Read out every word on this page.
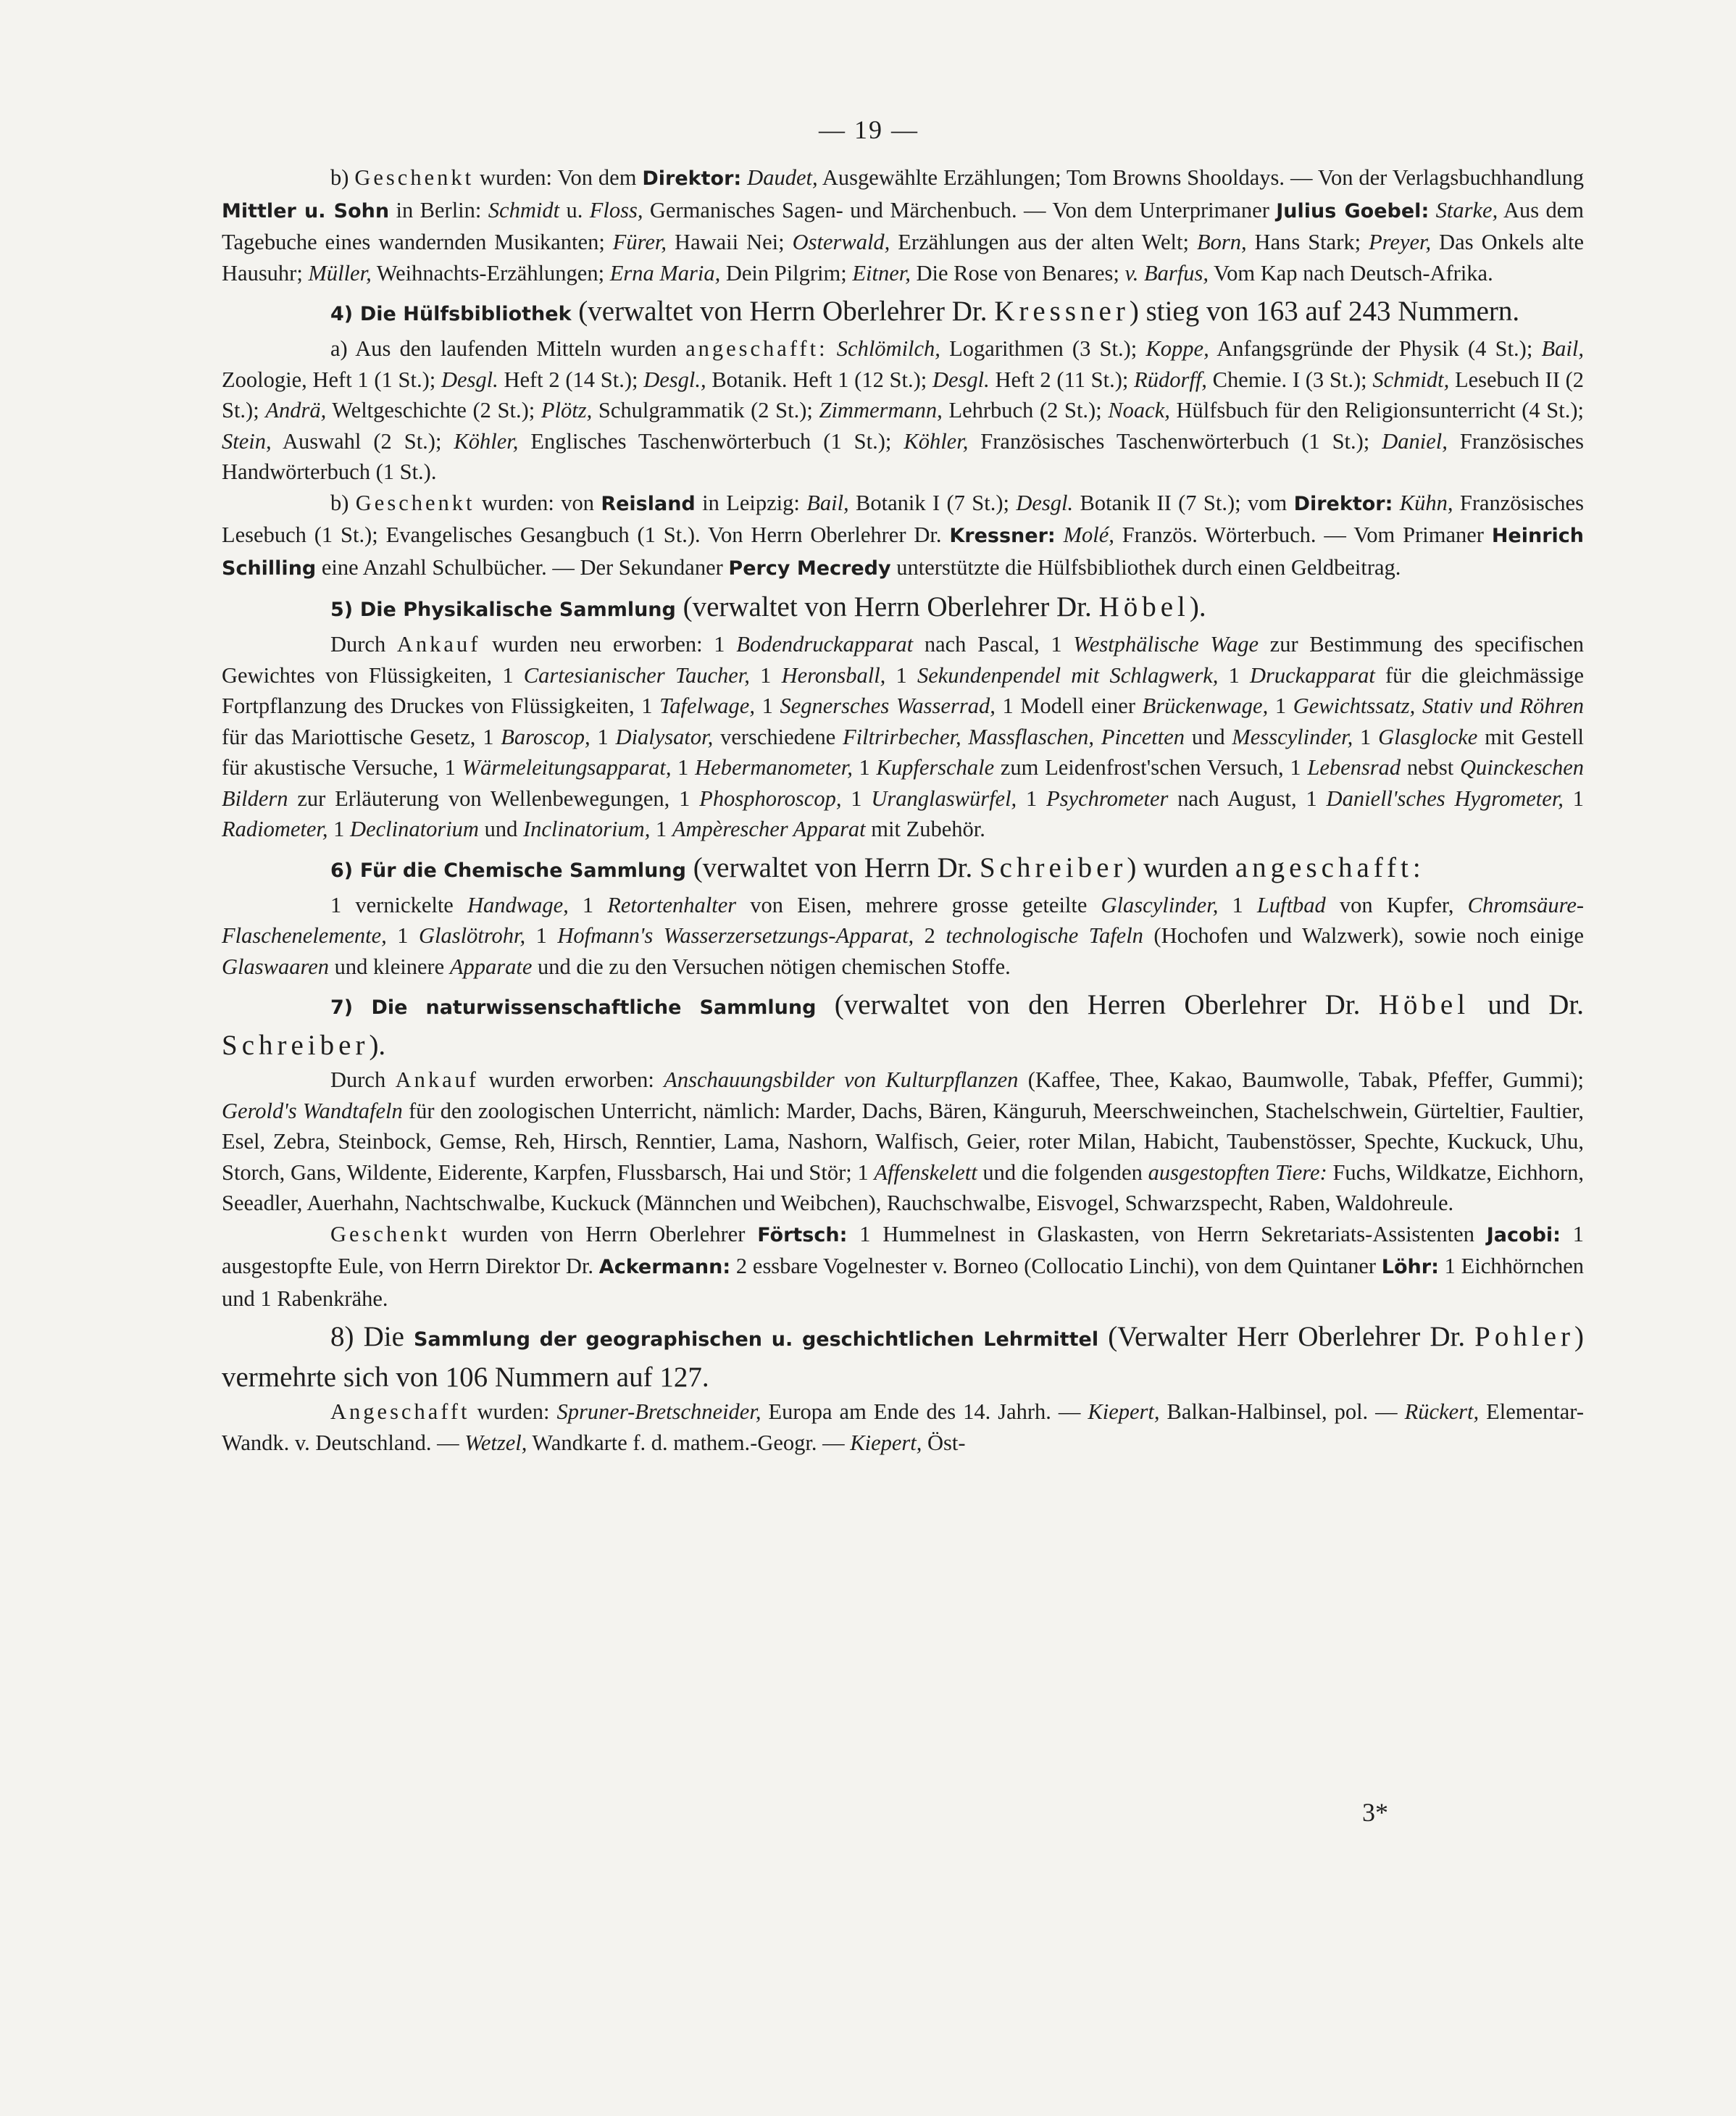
— 19 —

b) Geschenkt wurden: Von dem Direktor: Daudet, Ausgewählte Erzählungen; Tom Browns Shooldays. — Von der Verlagsbuchhandlung Mittler u. Sohn in Berlin: Schmidt u. Floss, Germanisches Sagen- und Märchenbuch. — Von dem Unterprimaner Julius Goebel: Starke, Aus dem Tagebuche eines wandernden Musikanten; Fürer, Hawaii Nei; Osterwald, Erzählungen aus der alten Welt; Born, Hans Stark; Preyer, Das Onkels alte Hausuhr; Müller, Weihnachts-Erzählungen; Erna Maria, Dein Pilgrim; Eitner, Die Rose von Benares; v. Barfus, Vom Kap nach Deutsch-Afrika.

4) Die Hülfsbibliothek (verwaltet von Herrn Oberlehrer Dr. Kressner) stieg von 163 auf 243 Nummern.

a) Aus den laufenden Mitteln wurden angeschafft: Schlömilch, Logarithmen (3 St.); Koppe, Anfangsgründe der Physik (4 St.); Bail, Zoologie, Heft 1 (1 St.); Desgl. Heft 2 (14 St.); Desgl., Botanik. Heft 1 (12 St.); Desgl. Heft 2 (11 St.); Rüdorff, Chemie. I (3 St.); Schmidt, Lesebuch II (2 St.); Andrä, Weltgeschichte (2 St.); Plötz, Schulgrammatik (2 St.); Zimmermann, Lehrbuch (2 St.); Noack, Hülfsbuch für den Religionsunterricht (4 St.); Stein, Auswahl (2 St.); Köhler, Englisches Taschenwörterbuch (1 St.); Köhler, Französisches Taschenwörterbuch (1 St.); Daniel, Französisches Handwörterbuch (1 St.).

b) Geschenkt wurden: von Reisland in Leipzig: Bail, Botanik I (7 St.); Desgl. Botanik II (7 St.); vom Direktor: Kühn, Französisches Lesebuch (1 St.); Evangelisches Gesangbuch (1 St.). Von Herrn Oberlehrer Dr. Kressner: Molé, Französ. Wörterbuch. — Vom Primaner Heinrich Schilling eine Anzahl Schulbücher. — Der Sekundaner Percy Mecredy unterstützte die Hülfsbibliothek durch einen Geldbeitrag.

5) Die Physikalische Sammlung (verwaltet von Herrn Oberlehrer Dr. Höbel).

Durch Ankauf wurden neu erworben: 1 Bodendruckapparat nach Pascal, 1 Westphälische Wage zur Bestimmung des specifischen Gewichtes von Flüssigkeiten, 1 Cartesianischer Taucher, 1 Heronsball, 1 Sekundenpendel mit Schlagwerk, 1 Druckapparat für die gleichmässige Fortpflanzung des Druckes von Flüssigkeiten, 1 Tafelwage, 1 Segnersches Wasserrad, 1 Modell einer Brückenwage, 1 Gewichtssatz, Stativ und Röhren für das Mariottische Gesetz, 1 Baroscop, 1 Dialysator, verschiedene Filtrirbecher, Massflaschen, Pincetten und Messcylinder, 1 Glasglocke mit Gestell für akustische Versuche, 1 Wärmeleitungsapparat, 1 Hebermanometer, 1 Kupferschale zum Leidenfrost'schen Versuch, 1 Lebensrad nebst Quinckeschen Bildern zur Erläuterung von Wellenbewegungen, 1 Phosphoroscop, 1 Uranglaswürfel, 1 Psychrometer nach August, 1 Daniell'sches Hygrometer, 1 Radiometer, 1 Declinatorium und Inclinatorium, 1 Ampèrescher Apparat mit Zubehör.

6) Für die Chemische Sammlung (verwaltet von Herrn Dr. Schreiber) wurden angeschafft:

1 vernickelte Handwage, 1 Retortenhalter von Eisen, mehrere grosse geteilte Glascylinder, 1 Luftbad von Kupfer, Chromsäure-Flaschenelemente, 1 Glaslötrohr, 1 Hofmann's Wasserzersetzungs-Apparat, 2 technologische Tafeln (Hochofen und Walzwerk), sowie noch einige Glaswaaren und kleinere Apparate und die zu den Versuchen nötigen chemischen Stoffe.

7) Die naturwissenschaftliche Sammlung (verwaltet von den Herren Oberlehrer Dr. Höbel und Dr. Schreiber).

Durch Ankauf wurden erworben: Anschauungsbilder von Kulturpflanzen (Kaffee, Thee, Kakao, Baumwolle, Tabak, Pfeffer, Gummi); Gerold's Wandtafeln für den zoologischen Unterricht, nämlich: Marder, Dachs, Bären, Känguruh, Meerschweinchen, Stachelschwein, Gürteltier, Faultier, Esel, Zebra, Steinbock, Gemse, Reh, Hirsch, Renntier, Lama, Nashorn, Walfisch, Geier, roter Milan, Habicht, Taubenstösser, Spechte, Kuckuck, Uhu, Storch, Gans, Wildente, Eiderente, Karpfen, Flussbarsch, Hai und Stör; 1 Affenskelett und die folgenden ausgestopften Tiere: Fuchs, Wildkatze, Eichhorn, Seeadler, Auerhahn, Nachtschwalbe, Kuckuck (Männchen und Weibchen), Rauchschwalbe, Eisvogel, Schwarzspecht, Raben, Waldohreule.

Geschenkt wurden von Herrn Oberlehrer Förtsch: 1 Hummelnest in Glaskasten, von Herrn Sekretariats-Assistenten Jacobi: 1 ausgestopfte Eule, von Herrn Direktor Dr. Ackermann: 2 essbare Vogelnester v. Borneo (Collocatio Linchi), von dem Quintaner Löhr: 1 Eichhörnchen und 1 Rabenkrähe.

8) Die Sammlung der geographischen u. geschichtlichen Lehrmittel (Verwalter Herr Oberlehrer Dr. Pohler) vermehrte sich von 106 Nummern auf 127.

Angeschafft wurden: Spruner-Bretschneider, Europa am Ende des 14. Jahrh. — Kiepert, Balkan-Halbinsel, pol. — Rückert, Elementar-Wandk. v. Deutschland. — Wetzel, Wandkarte f. d. mathem.-Geogr. — Kiepert, Öst-

3*
